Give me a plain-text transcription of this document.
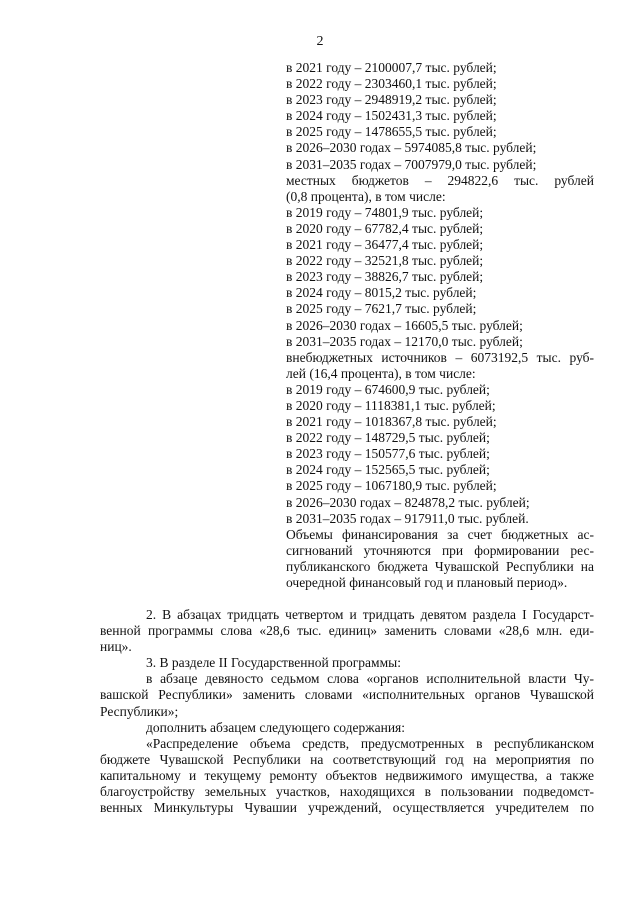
2
в 2021 году – 2100007,7 тыс. рублей;
в 2022 году – 2303460,1 тыс. рублей;
в 2023 году – 2948919,2 тыс. рублей;
в 2024 году – 1502431,3 тыс. рублей;
в 2025 году – 1478655,5 тыс. рублей;
в 2026–2030 годах – 5974085,8 тыс. рублей;
в 2031–2035 годах – 7007979,0 тыс. рублей;
местных бюджетов – 294822,6 тыс. рублей
(0,8 процента), в том числе:
в 2019 году – 74801,9 тыс. рублей;
в 2020 году – 67782,4 тыс. рублей;
в 2021 году – 36477,4 тыс. рублей;
в 2022 году – 32521,8 тыс. рублей;
в 2023 году – 38826,7 тыс. рублей;
в 2024 году – 8015,2 тыс. рублей;
в 2025 году – 7621,7 тыс. рублей;
в 2026–2030 годах – 16605,5 тыс. рублей;
в 2031–2035 годах – 12170,0 тыс. рублей;
внебюджетных источников – 6073192,5 тыс. руб-
лей (16,4 процента), в том числе:
в 2019 году – 674600,9 тыс. рублей;
в 2020 году – 1118381,1 тыс. рублей;
в 2021 году – 1018367,8 тыс. рублей;
в 2022 году – 148729,5 тыс. рублей;
в 2023 году – 150577,6 тыс. рублей;
в 2024 году – 152565,5 тыс. рублей;
в 2025 году – 1067180,9 тыс. рублей;
в 2026–2030 годах – 824878,2 тыс. рублей;
в 2031–2035 годах – 917911,0 тыс. рублей.
Объемы финансирования за счет бюджетных ас-
сигнований уточняются при формировании рес-
публиканского бюджета Чувашской Республики на
очередной финансовый год и плановый период».
2. В абзацах тридцать четвертом и тридцать девятом раздела I Государст-
венной программы слова «28,6 тыс. единиц» заменить словами «28,6 млн. еди-
ниц».
3. В разделе II Государственной программы:
в абзаце девяносто седьмом слова «органов исполнительной власти Чу-
вашской Республики» заменить словами «исполнительных органов Чувашской
Республики»;
дополнить абзацем следующего содержания:
«Распределение объема средств, предусмотренных в республиканском
бюджете Чувашской Республики на соответствующий год на мероприятия по
капитальному и текущему ремонту объектов недвижимого имущества, а также
благоустройству земельных участков, находящихся в пользовании подведомст-
венных Минкультуры Чувашии учреждений, осуществляется учредителем по
